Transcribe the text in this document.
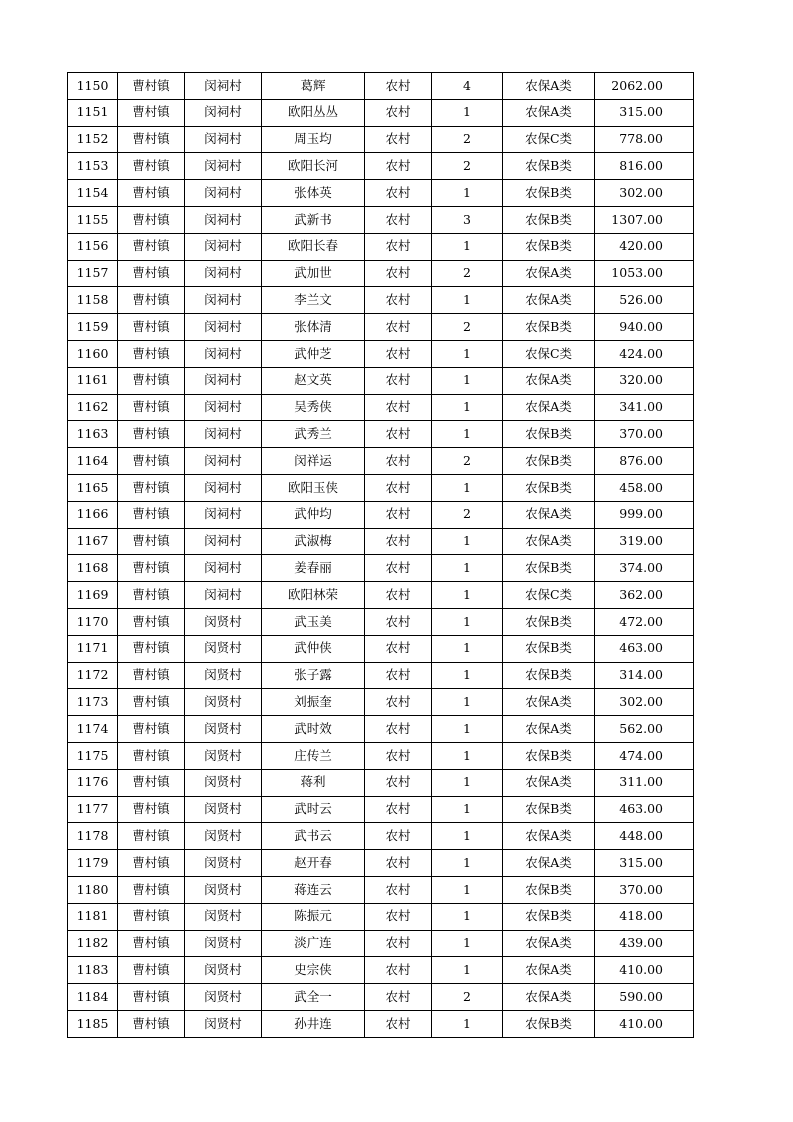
1150	曹村镇	闵祠村	葛辉	农村	4	农保A类	2062.00
1151	曹村镇	闵祠村	欧阳丛丛	农村	1	农保A类	315.00
1152	曹村镇	闵祠村	周玉均	农村	2	农保C类	778.00
1153	曹村镇	闵祠村	欧阳长河	农村	2	农保B类	816.00
1154	曹村镇	闵祠村	张体英	农村	1	农保B类	302.00
1155	曹村镇	闵祠村	武新书	农村	3	农保B类	1307.00
1156	曹村镇	闵祠村	欧阳长春	农村	1	农保B类	420.00
1157	曹村镇	闵祠村	武加世	农村	2	农保A类	1053.00
1158	曹村镇	闵祠村	李兰文	农村	1	农保A类	526.00
1159	曹村镇	闵祠村	张体清	农村	2	农保B类	940.00
1160	曹村镇	闵祠村	武仲芝	农村	1	农保C类	424.00
1161	曹村镇	闵祠村	赵文英	农村	1	农保A类	320.00
1162	曹村镇	闵祠村	吴秀侠	农村	1	农保A类	341.00
1163	曹村镇	闵祠村	武秀兰	农村	1	农保B类	370.00
1164	曹村镇	闵祠村	闵祥运	农村	2	农保B类	876.00
1165	曹村镇	闵祠村	欧阳玉侠	农村	1	农保B类	458.00
1166	曹村镇	闵祠村	武仲均	农村	2	农保A类	999.00
1167	曹村镇	闵祠村	武淑梅	农村	1	农保A类	319.00
1168	曹村镇	闵祠村	姜春丽	农村	1	农保B类	374.00
1169	曹村镇	闵祠村	欧阳林荣	农村	1	农保C类	362.00
1170	曹村镇	闵贤村	武玉美	农村	1	农保B类	472.00
1171	曹村镇	闵贤村	武仲侠	农村	1	农保B类	463.00
1172	曹村镇	闵贤村	张子露	农村	1	农保B类	314.00
1173	曹村镇	闵贤村	刘振奎	农村	1	农保A类	302.00
1174	曹村镇	闵贤村	武时效	农村	1	农保A类	562.00
1175	曹村镇	闵贤村	庄传兰	农村	1	农保B类	474.00
1176	曹村镇	闵贤村	蒋利	农村	1	农保A类	311.00
1177	曹村镇	闵贤村	武时云	农村	1	农保B类	463.00
1178	曹村镇	闵贤村	武书云	农村	1	农保A类	448.00
1179	曹村镇	闵贤村	赵开春	农村	1	农保A类	315.00
1180	曹村镇	闵贤村	蒋连云	农村	1	农保B类	370.00
1181	曹村镇	闵贤村	陈振元	农村	1	农保B类	418.00
1182	曹村镇	闵贤村	淡广连	农村	1	农保A类	439.00
1183	曹村镇	闵贤村	史宗侠	农村	1	农保A类	410.00
1184	曹村镇	闵贤村	武全一	农村	2	农保A类	590.00
1185	曹村镇	闵贤村	孙井连	农村	1	农保B类	410.00
